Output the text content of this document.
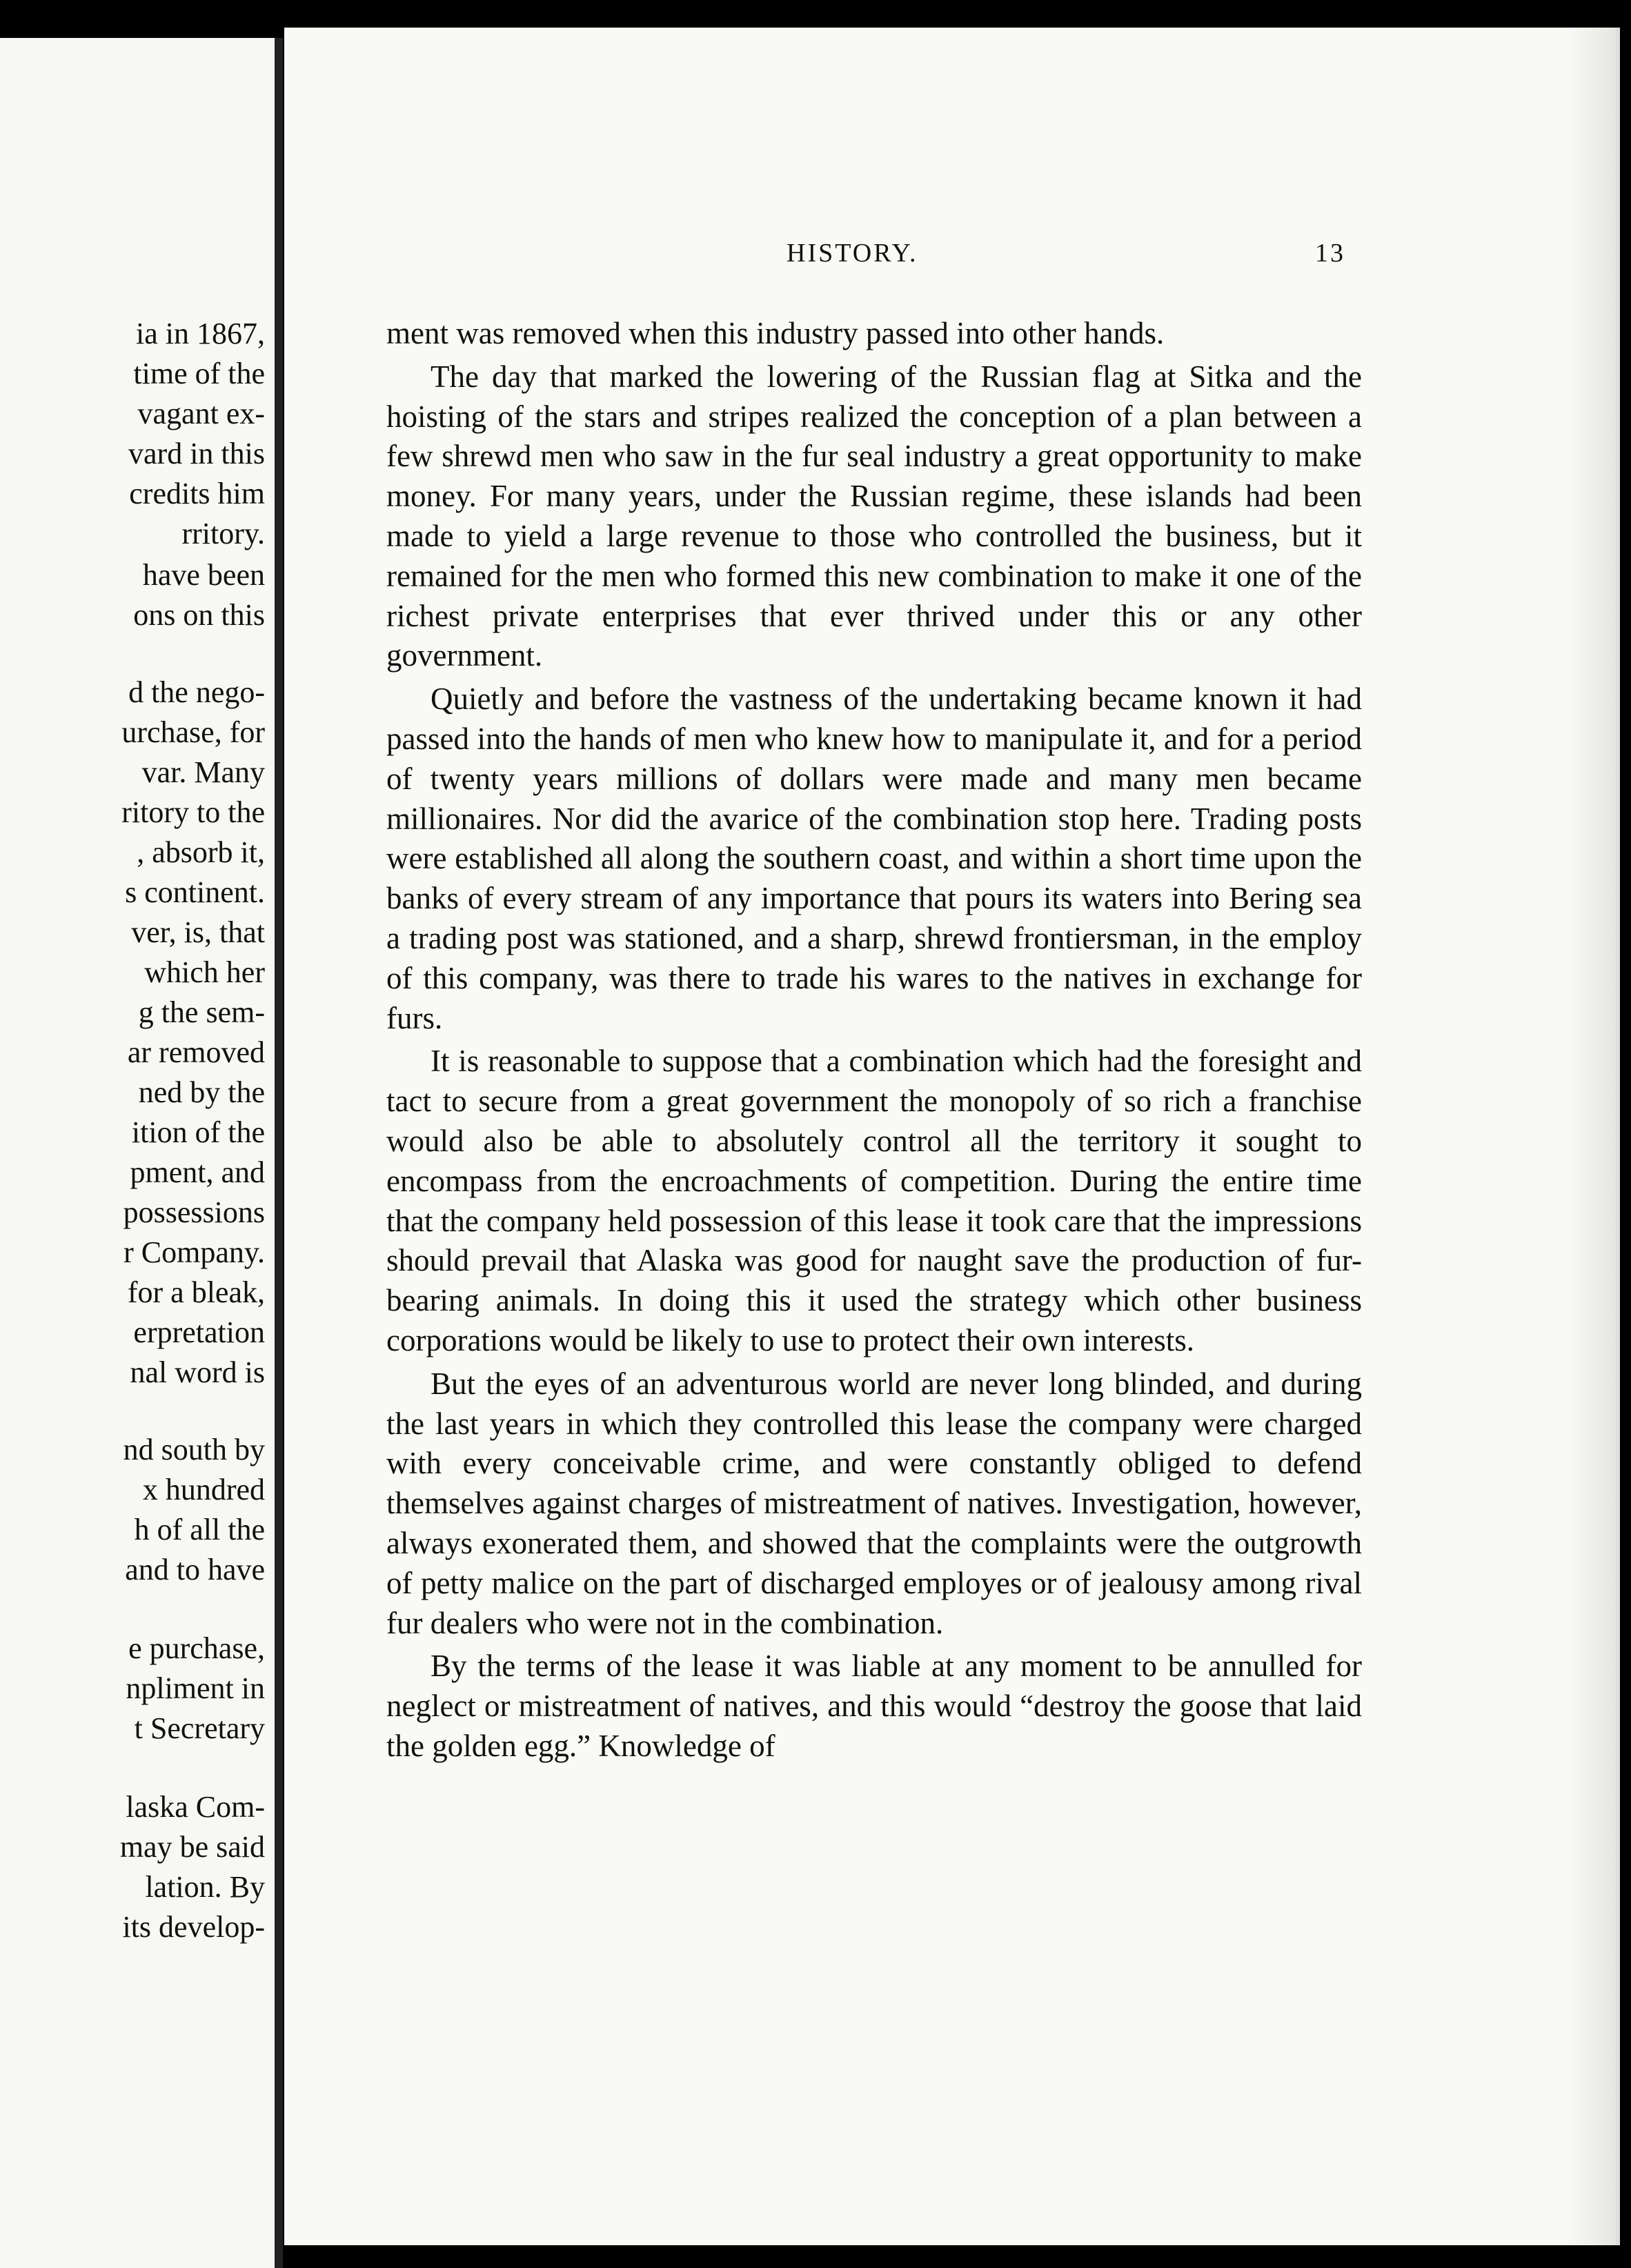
ia in 1867,
time of the
vagant ex-
vard in this
credits him
rritory.
have been
ons on this
d the nego-
urchase, for
var. Many
ritory to the
, absorb it,
s continent.
ver, is, that
which her
g the sem-
ar removed
ned by the
ition of the
pment, and
possessions
r Company.
for a bleak,
erpretation
nal word is
nd south by
x hundred
h of all the
and to have
e purchase,
npliment in
t Secretary
laska Com-
may be said
lation. By
its develop-
HISTORY.	13

ment was removed when this industry passed into other hands.

The day that marked the lowering of the Russian flag at Sitka and the hoisting of the stars and stripes realized the conception of a plan between a few shrewd men who saw in the fur seal industry a great opportunity to make money. For many years, under the Russian regime, these islands had been made to yield a large revenue to those who controlled the business, but it remained for the men who formed this new combination to make it one of the richest private enterprises that ever thrived under this or any other government.

Quietly and before the vastness of the undertaking became known it had passed into the hands of men who knew how to manipulate it, and for a period of twenty years millions of dollars were made and many men became millionaires. Nor did the avarice of the combination stop here. Trading posts were established all along the southern coast, and within a short time upon the banks of every stream of any importance that pours its waters into Bering sea a trading post was stationed, and a sharp, shrewd frontiersman, in the employ of this company, was there to trade his wares to the natives in exchange for furs.

It is reasonable to suppose that a combination which had the foresight and tact to secure from a great government the monopoly of so rich a franchise would also be able to absolutely control all the territory it sought to encompass from the encroachments of competition. During the entire time that the company held possession of this lease it took care that the impressions should prevail that Alaska was good for naught save the production of fur-bearing animals. In doing this it used the strategy which other business corporations would be likely to use to protect their own interests.

But the eyes of an adventurous world are never long blinded, and during the last years in which they controlled this lease the company were charged with every conceivable crime, and were constantly obliged to defend themselves against charges of mistreatment of natives. Investigation, however, always exonerated them, and showed that the complaints were the outgrowth of petty malice on the part of discharged employes or of jealousy among rival fur dealers who were not in the combination.

By the terms of the lease it was liable at any moment to be annulled for neglect or mistreatment of natives, and this would “destroy the goose that laid the golden egg.” Knowledge of
